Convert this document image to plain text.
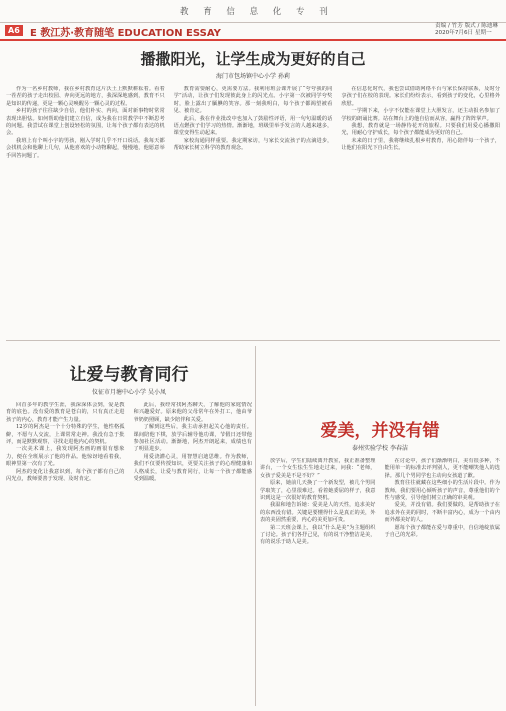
教 育 信 息 化 专 刊
A6	E 教江苏·教育随笔 EDUCATION ESSAY
责编 / 竹芳 版式 / 陈迪琳
2020年7月6日 星期一
播撒阳光，让学生成为更好的自己
海门市包场镇中心小学 孙莉

作为一名乡村教师，我在乡村教育这片沃土上默默耕耘着。看着一茬茬的孩子走出校园、奔向更远的地方，我深深地感到，教育不只是知识的传递，更是一颗心灵唤醒另一颗心灵的过程。

乡村的孩子往往缺少自信，他们朴实、内向，面对新事物时常常表现出胆怯。如何帮助他们建立自信，成为我在日常教学中不断思考的问题。我尝试在课堂上创设轻松的氛围，让每个孩子都有表达的机会。

我班上有个叫小宇的男孩，刚入学时几乎不开口说话。我每天都会找机会和他聊上几句，从他喜欢的小动物聊起，慢慢地，他愿意举手回答问题了。

教育需要耐心，更需要方法。我利用班会课开展了“夸夸我的同学”活动，让孩子们发现彼此身上的闪光点。小宇第一次被同学夸奖时，脸上露出了腼腆的笑容。那一刻我明白，每个孩子都渴望被看见、被肯定。

此后，我在作业批改中也加入了鼓励性评语，用一句句温暖的话语点燃孩子们学习的热情。渐渐地，班级里举手发言的人越来越多，课堂变得生动起来。

家校沟通同样重要。我定期家访，与家长交流孩子的点滴进步，帮助家长树立科学的教育观念。

在信息化时代，我也尝试借助网络平台与家长保持联系，及时分享孩子们在校的表现。家长们纷纷表示，看到孩子的变化，心里格外欣慰。

一学期下来，小宇不仅能在课堂上大胆发言，还主动报名参加了学校的朗诵比赛。站在舞台上的他自信而从容，赢得了阵阵掌声。

我想，教育就是一场静待花开的旅程。只要我们用爱心播撒阳光，用耐心守护成长，每个孩子都能成为更好的自己。

未来的日子里，我将继续扎根乡村教育，用心陪伴每一个孩子，让他们在阳光下自由生长。

让爱与教育同行
仪征市月塘中心小学 吴小凤

回首多年的教学生涯，我深深体会到，爱是教育的底色。没有爱的教育是苍白的，只有真正走进孩子的内心，教育才能产生力量。

12岁的阿杰是一个十分特殊的学生，他性格孤僻，不愿与人交流，上课常常走神。我没有急于批评，而是默默观察，寻找走进他内心的契机。

一次美术课上，我发现阿杰画的画很有想象力，便在全班展示了他的作品。他惊讶地看着我，眼神里第一次有了光。

阿杰的变化让我意识到，每个孩子都有自己的闪光点，教师要善于发现、及时肯定。

此后，我经常找阿杰聊天，了解他的家庭情况和兴趣爱好。原来他的父母常年在外打工，他由爷爷奶奶照顾，缺少陪伴和关爱。

了解到这些后，我主动承担起关心他的责任。课间陪他下棋，放学后辅导他功课，节假日还带他参加社区活动。渐渐地，阿杰开朗起来，成绩也有了明显进步。

用爱浇灌心灵，用智慧启迪思维。作为教师，我们不仅要传授知识，更要关注孩子的心理健康和人格成长，让爱与教育同行，让每一个孩子都能感受到温暖。

爱美，并没有错
泰州实验学校 李春洁

放学后，学生们陆续离开教室，我正准备整理讲台，一个女生怯生生地走过来，问我：“老师，女孩子爱美是不是不好？”

原来，她前几天换了一个新发型，被几个男同学取笑了，心里很难过。看着她委屈的样子，我意识到这是一次很好的教育契机。

我温和地告诉她：爱美是人的天性，追求美好的东西没有错。关键是要懂得什么是真正的美，外表的美固然重要，内心的美更加可贵。

第二天班会课上，我以“什么是美”为主题组织了讨论。孩子们各抒己见，有的说干净整洁是美，有的说乐于助人是美。

在讨论中，孩子们渐渐明白，美有很多种，不能用单一的标准去评判别人，更不能嘲笑他人的选择。那几个男同学也主动向女孩道了歉。

教育往往就藏在这些细小的生活片段中。作为教师，我们要用心倾听孩子的声音，尊重他们的个性与感受，引导他们树立正确的审美观。

爱美，并没有错。我们要做的，是帮助孩子在追求外在美的同时，不断丰富内心，成为一个由内而外都美好的人。

愿每个孩子都能在爱与尊重中，自信地绽放属于自己的光彩。
